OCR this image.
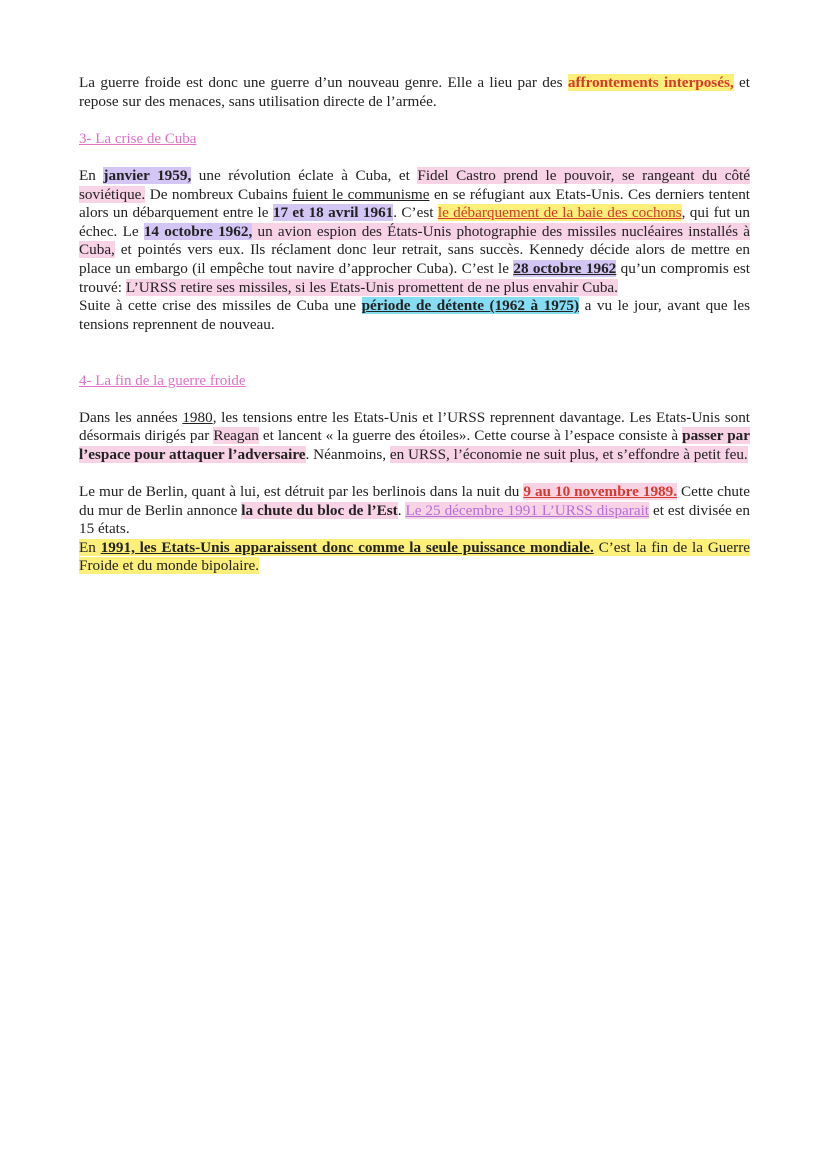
La guerre froide est donc une guerre d’un nouveau genre. Elle a lieu par des affrontements interposés, et repose sur des menaces, sans utilisation directe de l’armée.

3- La crise de Cuba

En janvier 1959, une révolution éclate à Cuba, et Fidel Castro prend le pouvoir, se rangeant du côté soviétique. De nombreux Cubains fuient le communisme en se réfugiant aux Etats-Unis. Ces derniers tentent alors un débarquement entre le 17 et 18 avril 1961. C’est le débarquement de la baie des cochons, qui fut un échec. Le 14 octobre 1962, un avion espion des États-Unis photographie des missiles nucléaires installés à Cuba, et pointés vers eux. Ils réclament donc leur retrait, sans succès. Kennedy décide alors de mettre en place un embargo (il empêche tout navire d’approcher Cuba). C’est le 28 octobre 1962 qu’un compromis est trouvé: L’URSS retire ses missiles, si les Etats-Unis promettent de ne plus envahir Cuba.
Suite à cette crise des missiles de Cuba une période de détente (1962 à 1975) a vu le jour, avant que les tensions reprennent de nouveau.

4- La fin de la guerre froide

Dans les années 1980, les tensions entre les Etats-Unis et l’URSS reprennent davantage. Les Etats-Unis sont désormais dirigés par Reagan et lancent « la guerre des étoiles». Cette course à l’espace consiste à passer par l’espace pour attaquer l’adversaire. Néanmoins, en URSS, l’économie ne suit plus, et s’effondre à petit feu.

Le mur de Berlin, quant à lui, est détruit par les berlinois dans la nuit du 9 au 10 novembre 1989. Cette chute du mur de Berlin annonce la chute du bloc de l’Est. Le 25 décembre 1991 L’URSS disparait et est divisée en 15 états.
En 1991, les Etats-Unis apparaissent donc comme la seule puissance mondiale. C’est la fin de la Guerre Froide et du monde bipolaire.
